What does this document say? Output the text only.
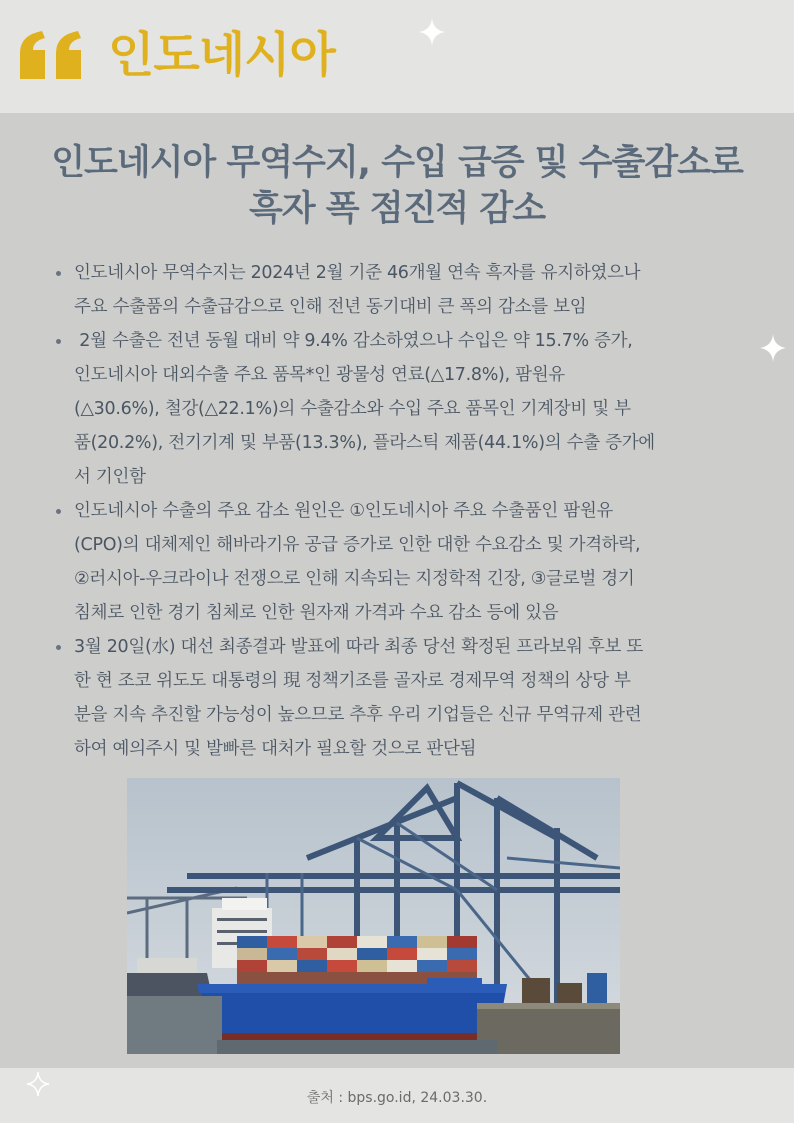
인도네시아
인도네시아 무역수지, 수입 급증 및 수출감소로
흑자 폭 점진적 감소
인도네시아 무역수지는 2024년 2월 기준 46개월 연속 흑자를 유지하였으나
주요 수출품의 수출급감으로 인해 전년 동기대비 큰 폭의 감소를 보임
2월 수출은 전년 동월 대비 약 9.4% 감소하였으나 수입은 약 15.7% 증가,
인도네시아 대외수출 주요 품목*인 광물성 연료(△17.8%), 팜원유
(△30.6%), 철강(△22.1%)의 수출감소와 수입 주요 품목인 기계장비 및 부
품(20.2%), 전기기계 및 부품(13.3%), 플라스틱 제품(44.1%)의 수출 증가에
서 기인함
인도네시아 수출의 주요 감소 원인은 ①인도네시아 주요 수출품인 팜원유
(CPO)의 대체제인 해바라기유 공급 증가로 인한 대한 수요감소 및 가격하락,
②러시아-우크라이나 전쟁으로 인해 지속되는 지정학적 긴장, ③글로벌 경기
침체로 인한 경기 침체로 인한 원자재 가격과 수요 감소 등에 있음
3월 20일(水) 대선 최종결과 발표에 따라 최종 당선 확정된 프라보워 후보 또
한 현 조코 위도도 대통령의 現 정책기조를 골자로 경제무역 정책의 상당 부
분을 지속 추진할 가능성이 높으므로 추후 우리 기업들은 신규 무역규제 관련
하여 예의주시 및 발빠른 대처가 필요할 것으로 판단됨
출처 : bps.go.id, 24.03.30.
